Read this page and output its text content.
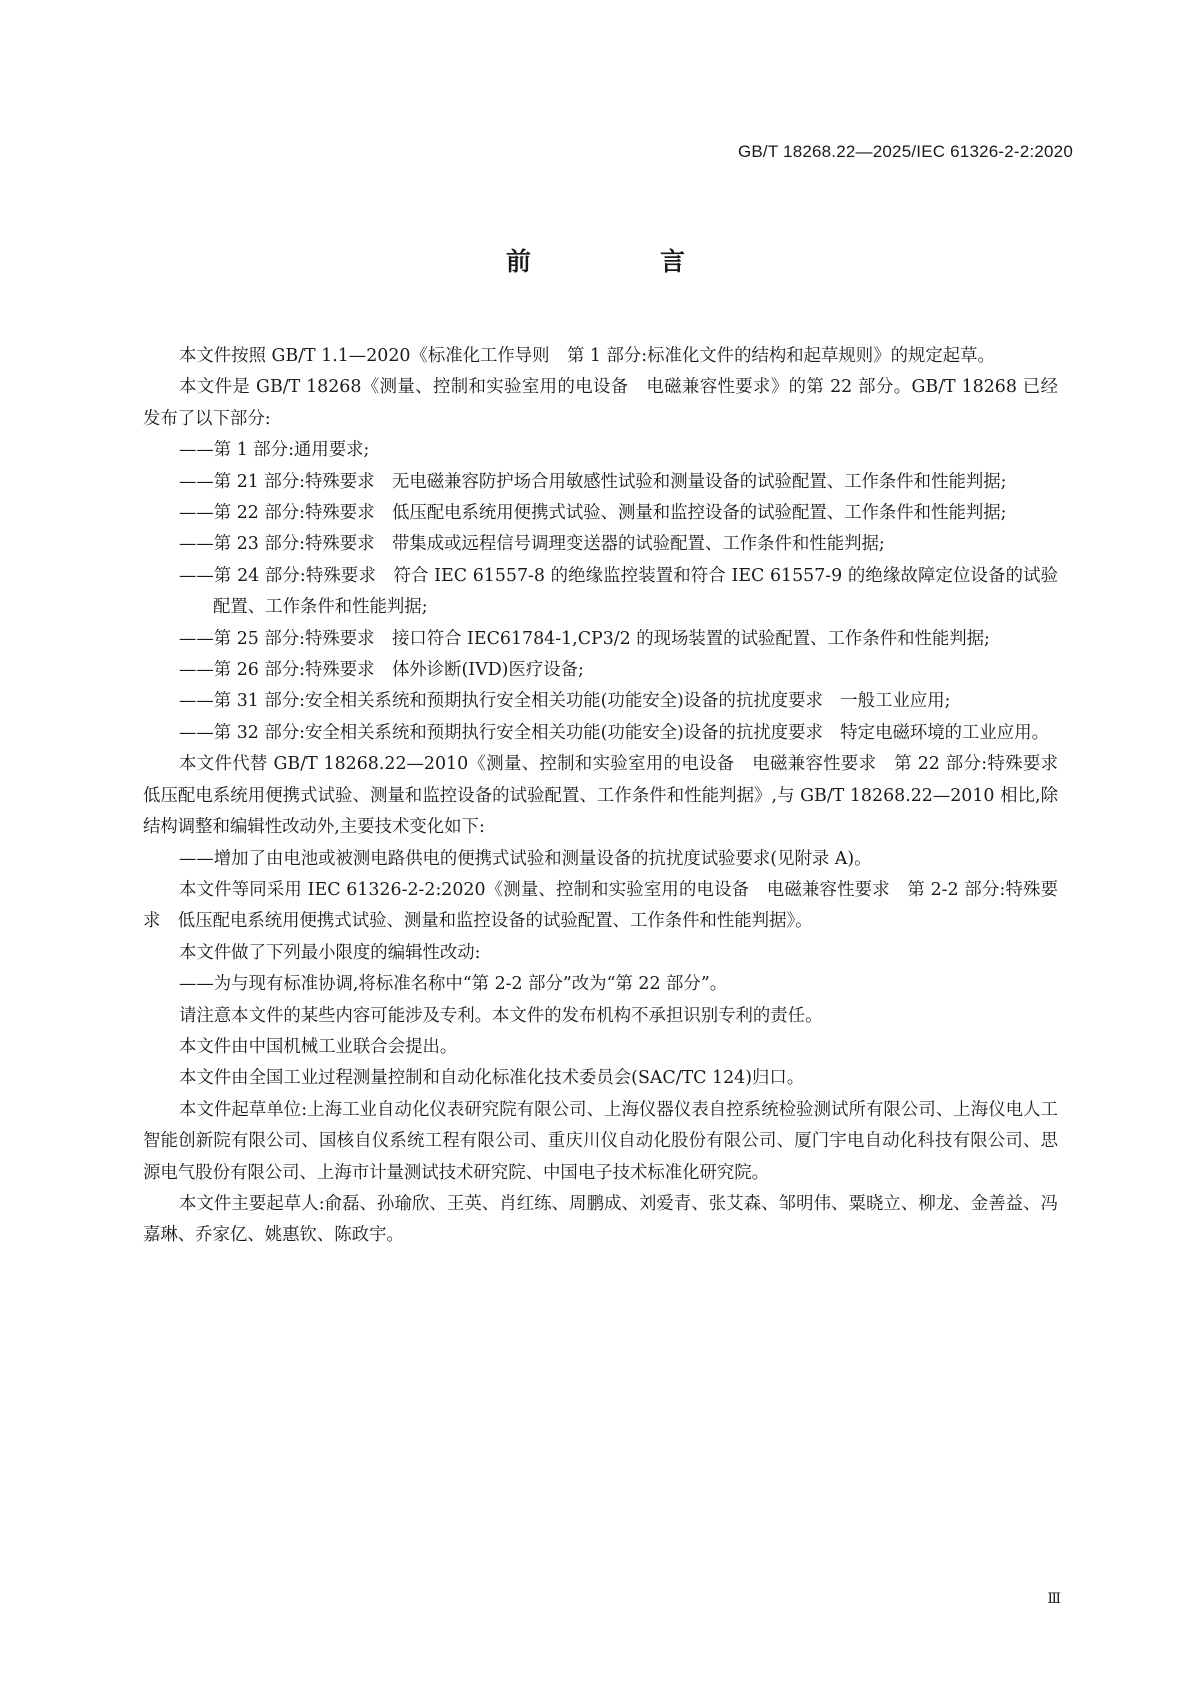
GB/T 18268.22—2025/IEC 61326-2-2:2020
前　言

本文件按照 GB/T 1.1—2020《标准化工作导则　第 1 部分:标准化文件的结构和起草规则》的规定起草。

本文件是 GB/T 18268《测量、控制和实验室用的电设备　电磁兼容性要求》的第 22 部分。GB/T 18268 已经发布了以下部分:

——第 1 部分:通用要求;

——第 21 部分:特殊要求　无电磁兼容防护场合用敏感性试验和测量设备的试验配置、工作条件和性能判据;

——第 22 部分:特殊要求　低压配电系统用便携式试验、测量和监控设备的试验配置、工作条件和性能判据;

——第 23 部分:特殊要求　带集成或远程信号调理变送器的试验配置、工作条件和性能判据;

——第 24 部分:特殊要求　符合 IEC 61557-8 的绝缘监控装置和符合 IEC 61557-9 的绝缘故障定位设备的试验配置、工作条件和性能判据;

——第 25 部分:特殊要求　接口符合 IEC61784-1,CP3/2 的现场装置的试验配置、工作条件和性能判据;

——第 26 部分:特殊要求　体外诊断(IVD)医疗设备;

——第 31 部分:安全相关系统和预期执行安全相关功能(功能安全)设备的抗扰度要求　一般工业应用;

——第 32 部分:安全相关系统和预期执行安全相关功能(功能安全)设备的抗扰度要求　特定电磁环境的工业应用。

本文件代替 GB/T 18268.22—2010《测量、控制和实验室用的电设备　电磁兼容性要求　第 22 部分:特殊要求　低压配电系统用便携式试验、测量和监控设备的试验配置、工作条件和性能判据》,与 GB/T 18268.22—2010 相比,除结构调整和编辑性改动外,主要技术变化如下:

——增加了由电池或被测电路供电的便携式试验和测量设备的抗扰度试验要求(见附录 A)。

本文件等同采用 IEC 61326-2-2:2020《测量、控制和实验室用的电设备　电磁兼容性要求　第 2-2 部分:特殊要求　低压配电系统用便携式试验、测量和监控设备的试验配置、工作条件和性能判据》。

本文件做了下列最小限度的编辑性改动:

——为与现有标准协调,将标准名称中“第 2-2 部分”改为“第 22 部分”。

请注意本文件的某些内容可能涉及专利。本文件的发布机构不承担识别专利的责任。

本文件由中国机械工业联合会提出。

本文件由全国工业过程测量控制和自动化标准化技术委员会(SAC/TC 124)归口。

本文件起草单位:上海工业自动化仪表研究院有限公司、上海仪器仪表自控系统检验测试所有限公司、上海仪电人工智能创新院有限公司、国核自仪系统工程有限公司、重庆川仪自动化股份有限公司、厦门宇电自动化科技有限公司、思源电气股份有限公司、上海市计量测试技术研究院、中国电子技术标准化研究院。

本文件主要起草人:俞磊、孙瑜欣、王英、肖红练、周鹏成、刘爱青、张艾森、邹明伟、粟晓立、柳龙、金善益、冯嘉琳、乔家亿、姚惠钦、陈政宇。

Ⅲ
